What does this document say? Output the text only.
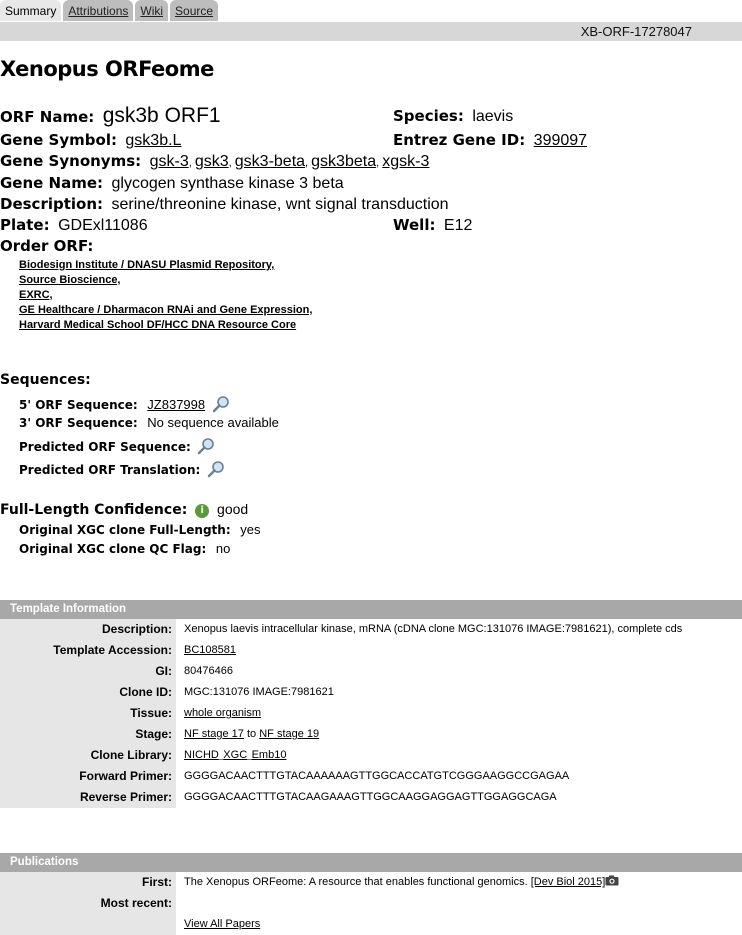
Summary	Attributions	Wiki	Source
XB-ORF-17278047
Xenopus ORFeome
ORF Name: gsk3b ORF1	Species: laevis
Gene Symbol: gsk3b.L	Entrez Gene ID: 399097
Gene Synonyms: gsk-3, gsk3, gsk3-beta, gsk3beta, xgsk-3
Gene Name: glycogen synthase kinase 3 beta
Description: serine/threonine kinase, wnt signal transduction
Plate: GDExl11086	Well: E12
Order ORF:
Biodesign Institute / DNASU Plasmid Repository,
Source Bioscience,
EXRC,
GE Healthcare / Dharmacon RNAi and Gene Expression,
Harvard Medical School DF/HCC DNA Resource Core
Sequences:
5' ORF Sequence: JZ837998
3' ORF Sequence: No sequence available
Predicted ORF Sequence:
Predicted ORF Translation:
Full-Length Confidence: i good
Original XGC clone Full-Length: yes
Original XGC clone QC Flag: no
Template Information
Description:	Xenopus laevis intracellular kinase, mRNA (cDNA clone MGC:131076 IMAGE:7981621), complete cds
Template Accession:	BC108581
GI:	80476466
Clone ID:	MGC:131076 IMAGE:7981621
Tissue:	whole organism
Stage:	NF stage 17 to NF stage 19
Clone Library:	NICHD_XGC_Emb10
Forward Primer:	GGGGACAACTTTGTACAAAAAAGTTGGCACCATGTCGGGAAGGCCGAGAA
Reverse Primer:	GGGGACAACTTTGTACAAGAAAGTTGGCAAGGAGGAGTTGGAGGCAGA
Publications
First:	The Xenopus ORFeome: A resource that enables functional genomics. [Dev Biol 2015]
Most recent:
View All Papers
